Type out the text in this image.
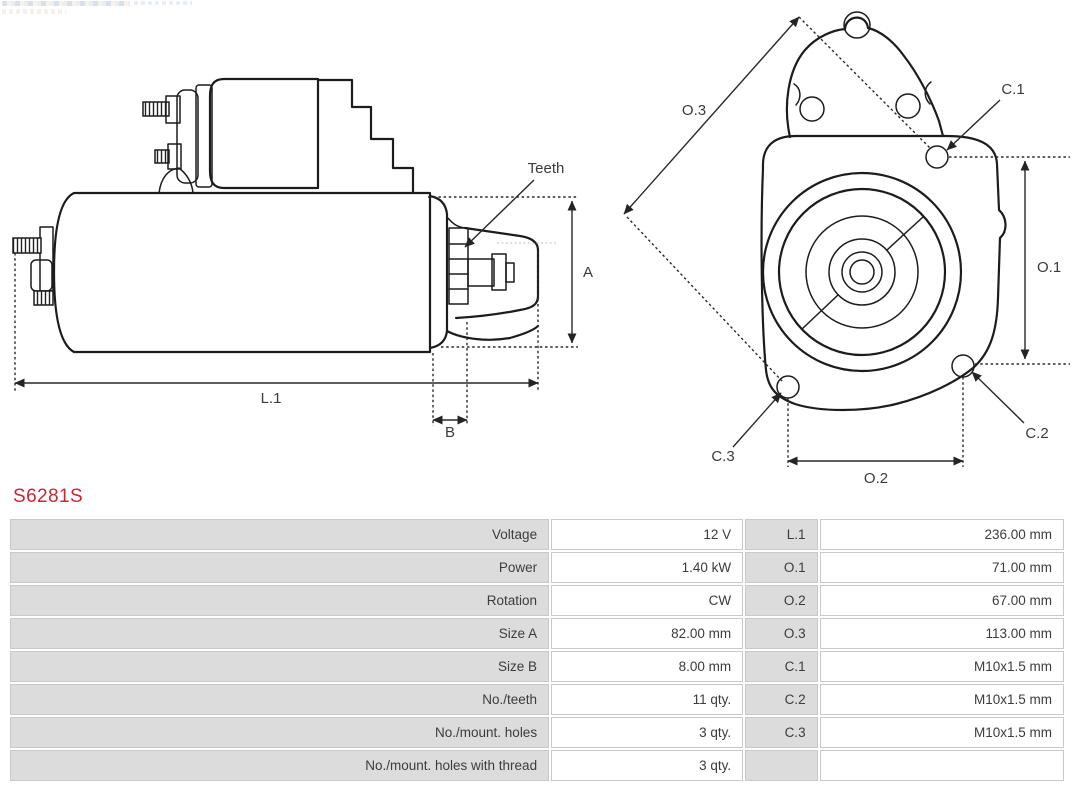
Teeth
A
L.1
B
O.3
C.1
O.1
C.2
C.3
O.2
S6281S
Voltage	12 V	L.1	236.00 mm
Power	1.40 kW	O.1	71.00 mm
Rotation	CW	O.2	67.00 mm
Size A	82.00 mm	O.3	113.00 mm
Size B	8.00 mm	C.1	M10x1.5 mm
No./teeth	11 qty.	C.2	M10x1.5 mm
No./mount. holes	3 qty.	C.3	M10x1.5 mm
No./mount. holes with thread	3 qty.		
